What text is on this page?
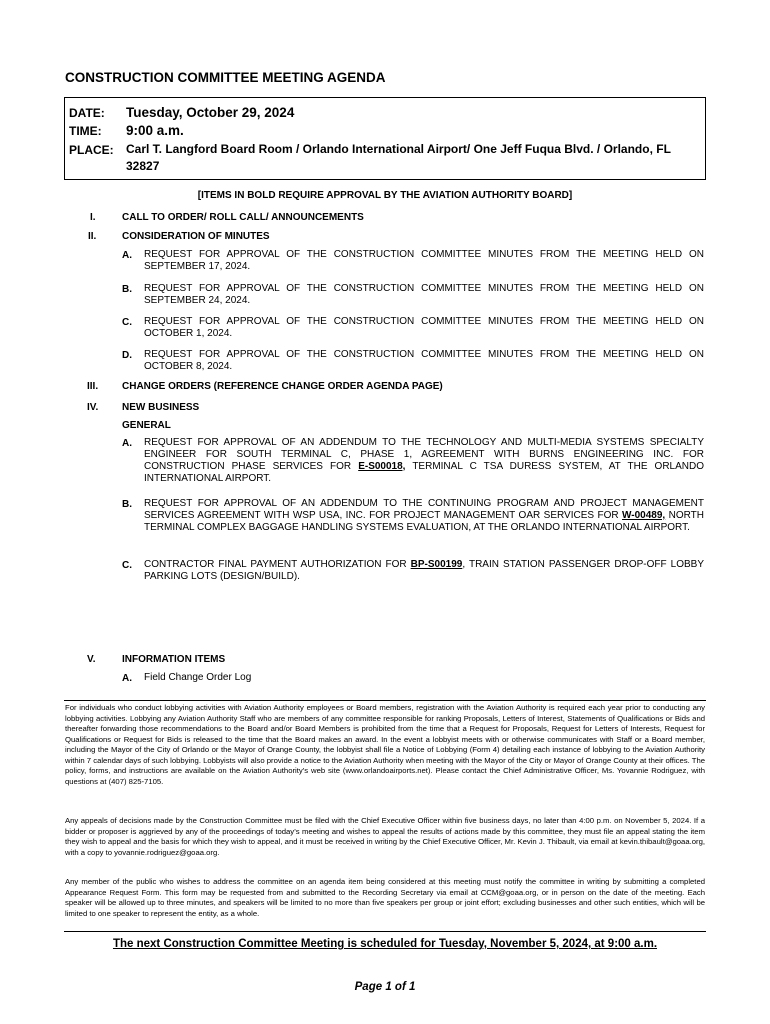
CONSTRUCTION COMMITTEE MEETING AGENDA
DATE: Tuesday, October 29, 2024
TIME: 9:00 a.m.
PLACE: Carl T. Langford Board Room / Orlando International Airport/ One Jeff Fuqua Blvd. / Orlando, FL 32827
[ITEMS IN BOLD REQUIRE APPROVAL BY THE AVIATION AUTHORITY BOARD]
I.	CALL TO ORDER/ ROLL CALL/ ANNOUNCEMENTS
II.	CONSIDERATION OF MINUTES
A. REQUEST FOR APPROVAL OF THE CONSTRUCTION COMMITTEE MINUTES FROM THE MEETING HELD ON SEPTEMBER 17, 2024.
B. REQUEST FOR APPROVAL OF THE CONSTRUCTION COMMITTEE MINUTES FROM THE MEETING HELD ON SEPTEMBER 24, 2024.
C. REQUEST FOR APPROVAL OF THE CONSTRUCTION COMMITTEE MINUTES FROM THE MEETING HELD ON OCTOBER 1, 2024.
D. REQUEST FOR APPROVAL OF THE CONSTRUCTION COMMITTEE MINUTES FROM THE MEETING HELD ON OCTOBER 8, 2024.
III.	CHANGE ORDERS (REFERENCE CHANGE ORDER AGENDA PAGE)
IV.	NEW BUSINESS
GENERAL
A. REQUEST FOR APPROVAL OF AN ADDENDUM TO THE TECHNOLOGY AND MULTI-MEDIA SYSTEMS SPECIALTY ENGINEER FOR SOUTH TERMINAL C, PHASE 1, AGREEMENT WITH BURNS ENGINEERING INC. FOR CONSTRUCTION PHASE SERVICES FOR E-S00018, TERMINAL C TSA DURESS SYSTEM, AT THE ORLANDO INTERNATIONAL AIRPORT.
B. REQUEST FOR APPROVAL OF AN ADDENDUM TO THE CONTINUING PROGRAM AND PROJECT MANAGEMENT SERVICES AGREEMENT WITH WSP USA, INC. FOR PROJECT MANAGEMENT OAR SERVICES FOR W-00489, NORTH TERMINAL COMPLEX BAGGAGE HANDLING SYSTEMS EVALUATION, AT THE ORLANDO INTERNATIONAL AIRPORT.
C. CONTRACTOR FINAL PAYMENT AUTHORIZATION FOR BP-S00199, TRAIN STATION PASSENGER DROP-OFF LOBBY PARKING LOTS (DESIGN/BUILD).
V.	INFORMATION ITEMS
A. Field Change Order Log

For individuals who conduct lobbying activities with Aviation Authority employees or Board members, registration with the Aviation Authority is required each year prior to conducting any lobbying activities. Lobbying any Aviation Authority Staff who are members of any committee responsible for ranking Proposals, Letters of Interest, Statements of Qualifications or Bids and thereafter forwarding those recommendations to the Board and/or Board Members is prohibited from the time that a Request for Proposals, Request for Letters of Interests, Request for Qualifications or Request for Bids is released to the time that the Board makes an award. In the event a lobbyist meets with or otherwise communicates with Staff or a Board member, including the Mayor of the City of Orlando or the Mayor of Orange County, the lobbyist shall file a Notice of Lobbying (Form 4) detailing each instance of lobbying to the Aviation Authority within 7 calendar days of such lobbying. Lobbyists will also provide a notice to the Aviation Authority when meeting with the Mayor of the City or Mayor of Orange County at their offices. The policy, forms, and instructions are available on the Aviation Authority’s web site (www.orlandoairports.net). Please contact the Chief Administrative Officer, Ms. Yovannie Rodriguez, with questions at (407) 825-7105.

Any appeals of decisions made by the Construction Committee must be filed with the Chief Executive Officer within five business days, no later than 4:00 p.m. on November 5, 2024. If a bidder or proposer is aggrieved by any of the proceedings of today’s meeting and wishes to appeal the results of actions made by this committee, they must file an appeal stating the item they wish to appeal and the basis for which they wish to appeal, and it must be received in writing by the Chief Executive Officer, Mr. Kevin J. Thibault, via email at kevin.thibault@goaa.org, with a copy to yovannie.rodriguez@goaa.org.

Any member of the public who wishes to address the committee on an agenda item being considered at this meeting must notify the committee in writing by submitting a completed Appearance Request Form. This form may be requested from and submitted to the Recording Secretary via email at CCM@goaa.org, or in person on the date of the meeting. Each speaker will be allowed up to three minutes, and speakers will be limited to no more than five speakers per group or joint effort; excluding businesses and other such entities, which will be limited to one speaker to represent the entity, as a whole.

The next Construction Committee Meeting is scheduled for Tuesday, November 5, 2024, at 9:00 a.m.
Page 1 of 1
